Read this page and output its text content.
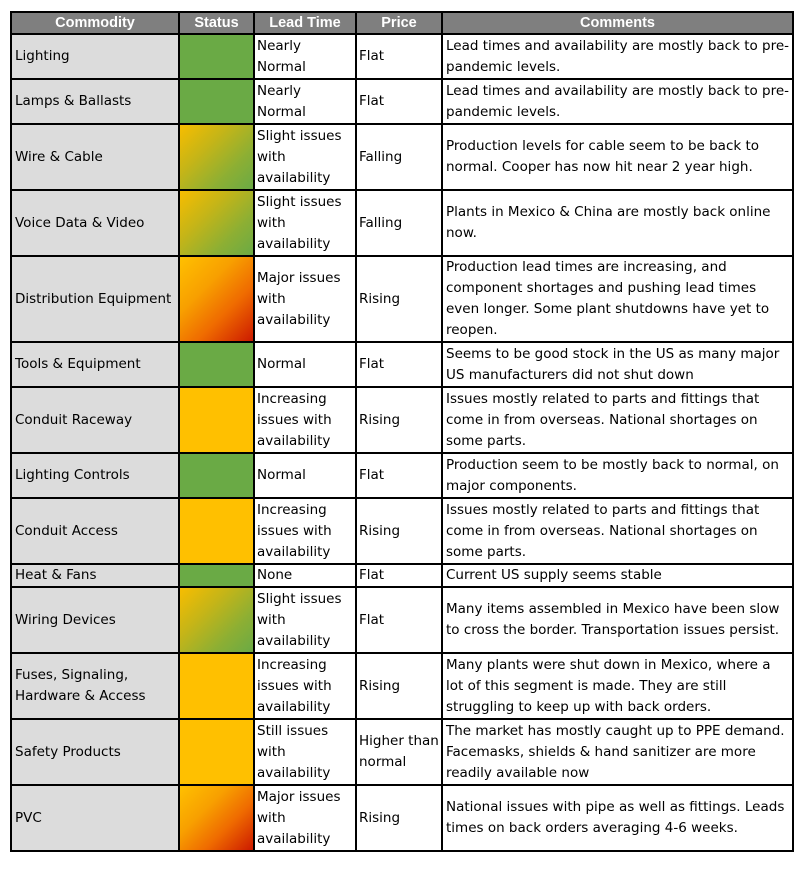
Commodity	Status	Lead Time	Price	Comments
Lighting		Nearly Normal	Flat	Lead times and availability are mostly back to pre-pandemic levels.
Lamps & Ballasts		Nearly Normal	Flat	Lead times and availability are mostly back to pre-pandemic levels.
Wire & Cable		Slight issues with availability	Falling	Production levels for cable seem to be back to normal. Cooper has now hit near 2 year high.
Voice Data & Video		Slight issues with availability	Falling	Plants in Mexico & China are mostly back online now.
Distribution Equipment		Major issues with availability	Rising	Production lead times are increasing, and component shortages and pushing lead times even longer. Some plant shutdowns have yet to reopen.
Tools & Equipment		Normal	Flat	Seems to be good stock in the US as many major US manufacturers did not shut down
Conduit Raceway		Increasing issues with availability	Rising	Issues mostly related to parts and fittings that come in from overseas. National shortages on some parts.
Lighting Controls		Normal	Flat	Production seem to be mostly back to normal, on major components.
Conduit Access		Increasing issues with availability	Rising	Issues mostly related to parts and fittings that come in from overseas. National shortages on some parts.
Heat & Fans		None	Flat	Current US supply seems stable
Wiring Devices		Slight issues with availability	Flat	Many items assembled in Mexico have been slow to cross the border. Transportation issues persist.
Fuses, Signaling, Hardware & Access		Increasing issues with availability	Rising	Many plants were shut down in Mexico, where a lot of this segment is made. They are still struggling to keep up with back orders.
Safety Products		Still issues with availability	Higher than normal	The market has mostly caught up to PPE demand. Facemasks, shields & hand sanitizer are more readily available now
PVC		Major issues with availability	Rising	National issues with pipe as well as fittings. Leads times on back orders averaging 4-6 weeks.
